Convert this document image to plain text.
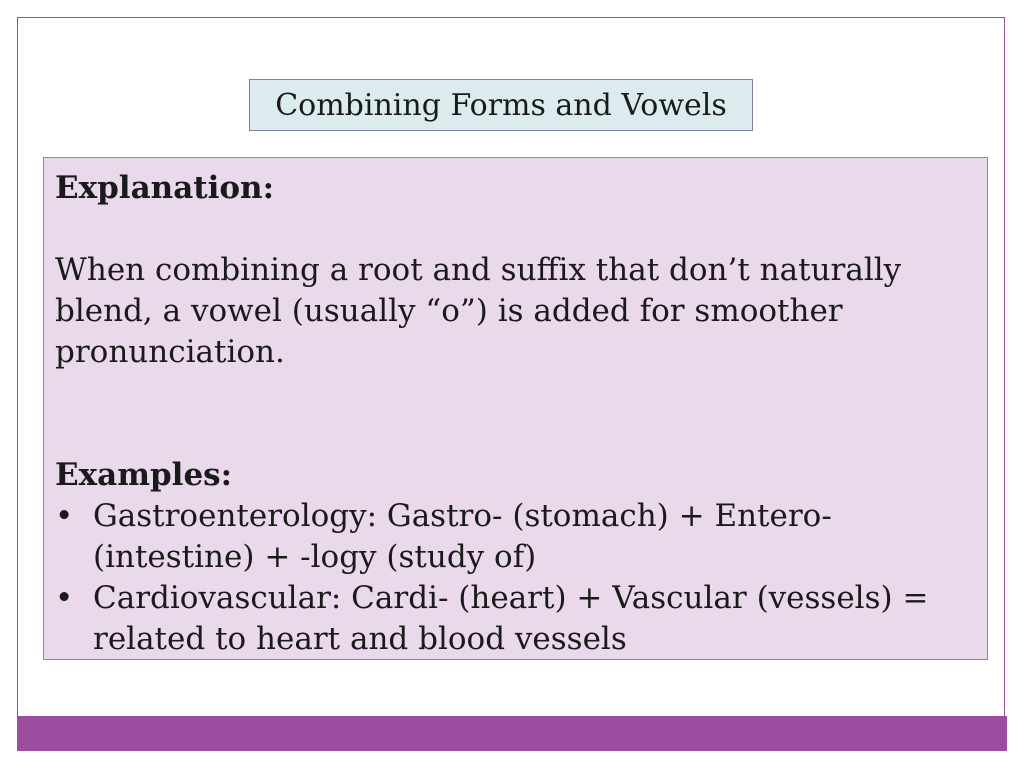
Combining Forms and Vowels

Explanation:

When combining a root and suffix that don’t naturally blend, a vowel (usually “o”) is added for smoother pronunciation.

Examples:

• Gastroenterology: Gastro- (stomach) + Entero- (intestine) + -logy (study of)
• Cardiovascular: Cardi- (heart) + Vascular (vessels) = related to heart and blood vessels
